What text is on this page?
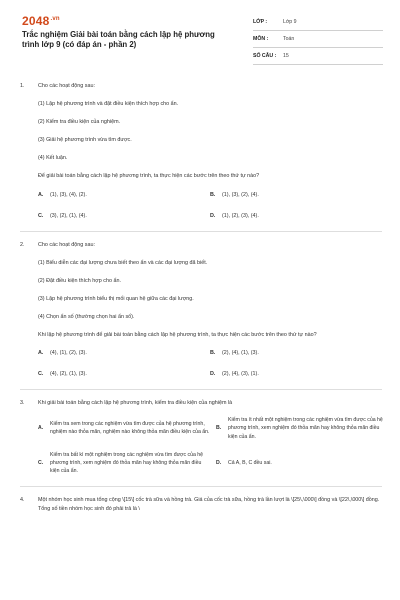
$2048^{.vn}$
Trắc nghiệm Giải bài toán bằng cách lập hệ phương trình lớp 9 (có đáp án - phần 2)
LỚP :	Lớp 9
MÔN :	Toán
SỐ CÂU :	15
1.	Cho các hoạt động sau:
(1) Lập hệ phương trình và đặt điều kiện thích hợp cho ẩn.
(2) Kiểm tra điều kiện của nghiệm.
(3) Giải hệ phương trình vừa tìm được.
(4) Kết luận.
Để giải bài toán bằng cách lập hệ phương trình, ta thực hiện các bước trên theo thứ tự nào?
A.	(1), (3), (4), (2).	B.	(1), (3), (2), (4).
C.	(3), (2), (1), (4).	D.	(1), (2), (3), (4).
2.	Cho các hoạt động sau:
(1) Biểu diễn các đại lượng chưa biết theo ẩn và các đại lượng đã biết.
(2) Đặt điều kiện thích hợp cho ẩn.
(3) Lập hệ phương trình biểu thị mối quan hệ giữa các đại lượng.
(4) Chọn ẩn số (thường chọn hai ẩn số).
Khi lập hệ phương trình để giải bài toán bằng cách lập hệ phương trình, ta thực hiện các bước trên theo thứ tự nào?
A.	(4), (1), (2), (3).	B.	(2), (4), (1), (3).
C.	(4), (2), (1), (3).	D.	(2), (4), (3), (1).
3.	Khi giải bài toán bằng cách lập hệ phương trình, kiểm tra điều kiện của nghiệm là
A.
Kiểm tra xem trong các nghiệm vừa tìm được của hệ phương trình, nghiệm nào thỏa mãn, nghiệm nào không thỏa mãn điều kiện của ẩn.
B.
Kiểm tra ít nhất một nghiệm trong các nghiệm vừa tìm được của hệ phương trình, xem nghiệm đó thỏa mãn hay không thỏa mãn điều kiện của ẩn.
C.
Kiểm tra bất kì một nghiệm trong các nghiệm vừa tìm được của hệ phương trình, xem nghiệm đó thỏa mãn hay không thỏa mãn điều kiện của ẩn.
D.	Cả A, B, C đều sai.
4.	Một nhóm học sinh mua tổng cộng \[15\] cốc trà sữa và hồng trà. Giá của cốc trà sữa, hồng trà lần lượt là \[25\,\000\] đồng và \[22\,\000\] đồng. Tổng số tiền nhóm học sinh đó phải trả là \
